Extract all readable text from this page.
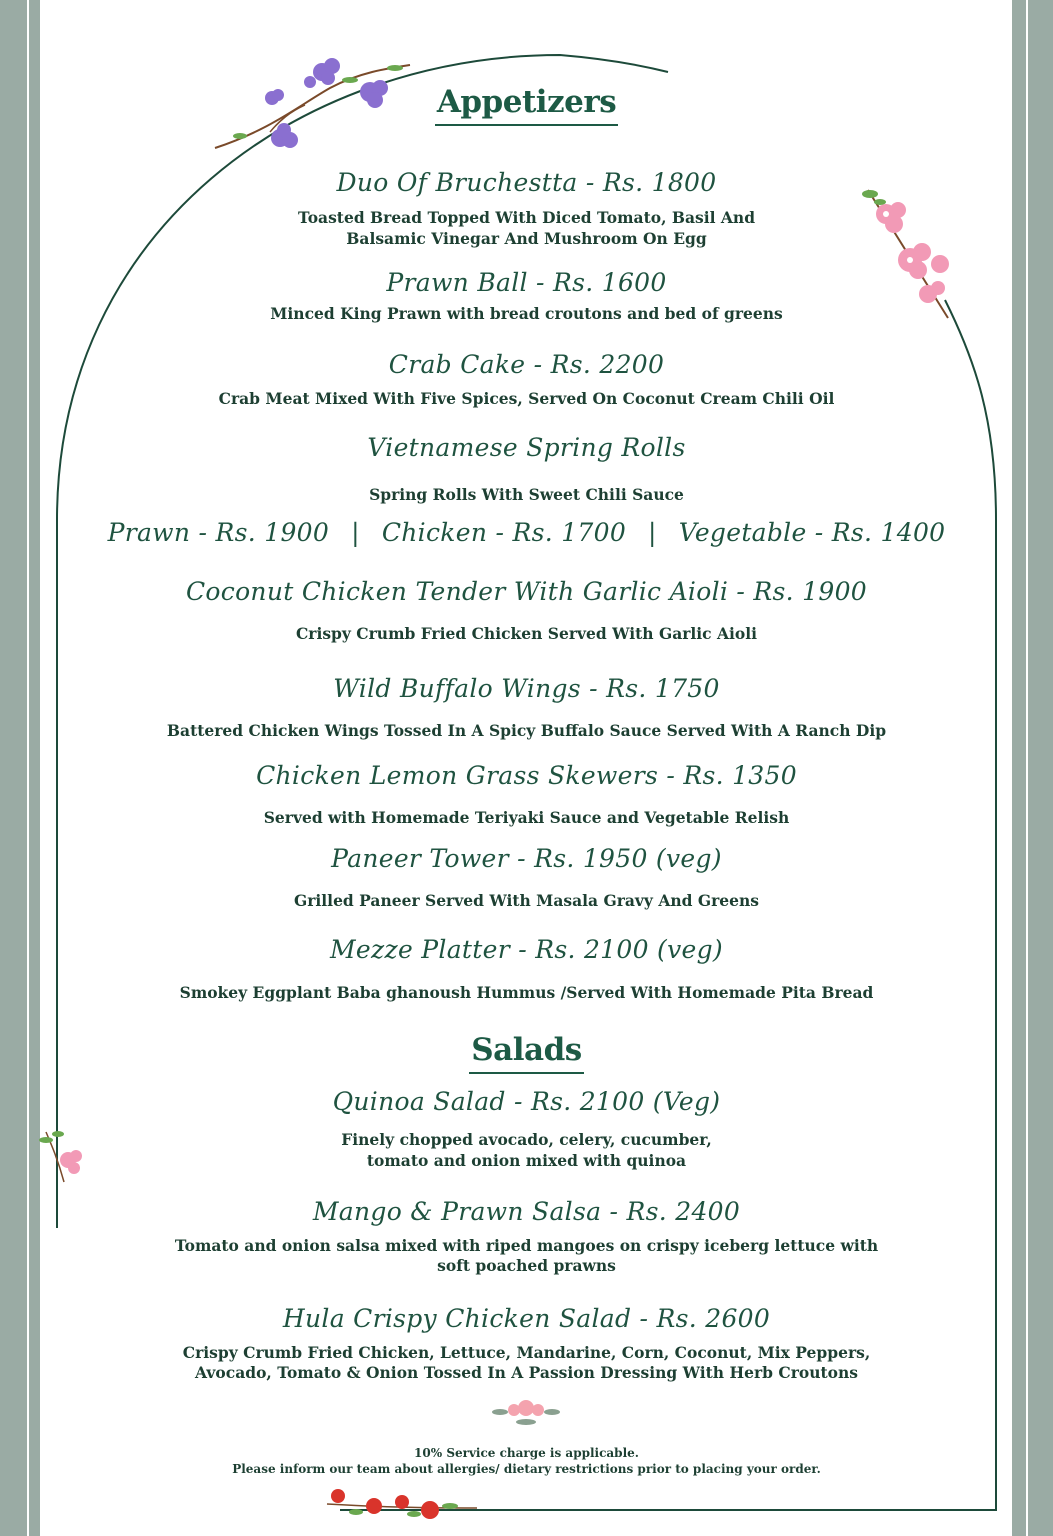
Appetizers
Duo Of Bruchestta - Rs. 1800
Toasted Bread Topped With Diced Tomato, Basil And
Balsamic Vinegar And Mushroom On Egg
Prawn Ball - Rs. 1600
Minced King Prawn with bread croutons and bed of greens
Crab Cake - Rs. 2200
Crab Meat Mixed With Five Spices, Served On Coconut Cream Chili Oil
Vietnamese Spring Rolls
Spring Rolls With Sweet Chili Sauce
Prawn - Rs. 1900 | Chicken - Rs. 1700 | Vegetable - Rs. 1400
Coconut Chicken Tender With Garlic Aioli - Rs. 1900
Crispy Crumb Fried Chicken Served With Garlic Aioli
Wild Buffalo Wings - Rs. 1750
Battered Chicken Wings Tossed In A Spicy Buffalo Sauce Served With A Ranch Dip
Chicken Lemon Grass Skewers - Rs. 1350
Served with Homemade Teriyaki Sauce and Vegetable Relish
Paneer Tower - Rs. 1950 (veg)
Grilled Paneer Served With Masala Gravy And Greens
Mezze Platter - Rs. 2100 (veg)
Smokey Eggplant Baba ghanoush Hummus /Served With Homemade Pita Bread
Salads
Quinoa Salad - Rs. 2100 (Veg)
Finely chopped avocado, celery, cucumber,
tomato and onion mixed with quinoa
Mango & Prawn Salsa - Rs. 2400
Tomato and onion salsa mixed with riped mangoes on crispy iceberg lettuce with
soft poached prawns
Hula Crispy Chicken Salad - Rs. 2600
Crispy Crumb Fried Chicken, Lettuce, Mandarine, Corn, Coconut, Mix Peppers,
Avocado, Tomato & Onion Tossed In A Passion Dressing With Herb Croutons
10% Service charge is applicable.
Please inform our team about allergies/ dietary restrictions prior to placing your order.
